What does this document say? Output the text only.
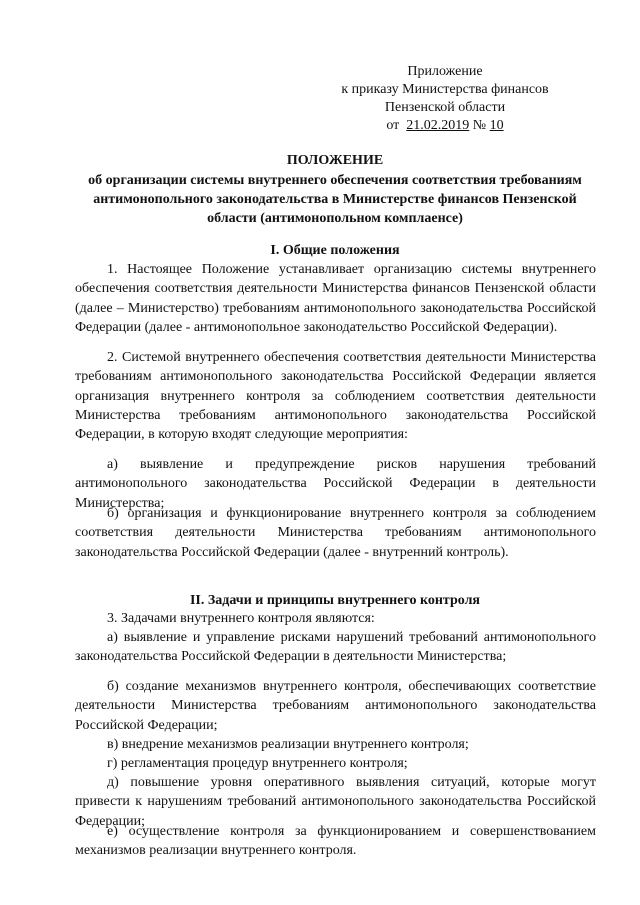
Приложение
к приказу Министерства финансов
Пензенской области
от 21.02.2019 № 10
ПОЛОЖЕНИЕ
об организации системы внутреннего обеспечения соответствия требованиям антимонопольного законодательства в Министерстве финансов Пензенской области (антимонопольном комплаенсе)
I. Общие положения
1. Настоящее Положение устанавливает организацию системы внутреннего обеспечения соответствия деятельности Министерства финансов Пензенской области (далее – Министерство) требованиям антимонопольного законодательства Российской Федерации (далее - антимонопольное законодательство Российской Федерации).
2. Системой внутреннего обеспечения соответствия деятельности Министерства требованиям антимонопольного законодательства Российской Федерации является организация внутреннего контроля за соблюдением соответствия деятельности Министерства требованиям антимонопольного законодательства Российской Федерации, в которую входят следующие мероприятия:
а) выявление и предупреждение рисков нарушения требований антимонопольного законодательства Российской Федерации в деятельности Министерства;
б) организация и функционирование внутреннего контроля за соблюдением соответствия деятельности Министерства требованиям антимонопольного законодательства Российской Федерации (далее - внутренний контроль).
II. Задачи и принципы внутреннего контроля
3. Задачами внутреннего контроля являются:
а) выявление и управление рисками нарушений требований антимонопольного законодательства Российской Федерации в деятельности Министерства;
б) создание механизмов внутреннего контроля, обеспечивающих соответствие деятельности Министерства требованиям антимонопольного законодательства Российской Федерации;
в) внедрение механизмов реализации внутреннего контроля;
г) регламентация процедур внутреннего контроля;
д) повышение уровня оперативного выявления ситуаций, которые могут привести к нарушениям требований антимонопольного законодательства Российской Федерации;
е) осуществление контроля за функционированием и совершенствованием механизмов реализации внутреннего контроля.
